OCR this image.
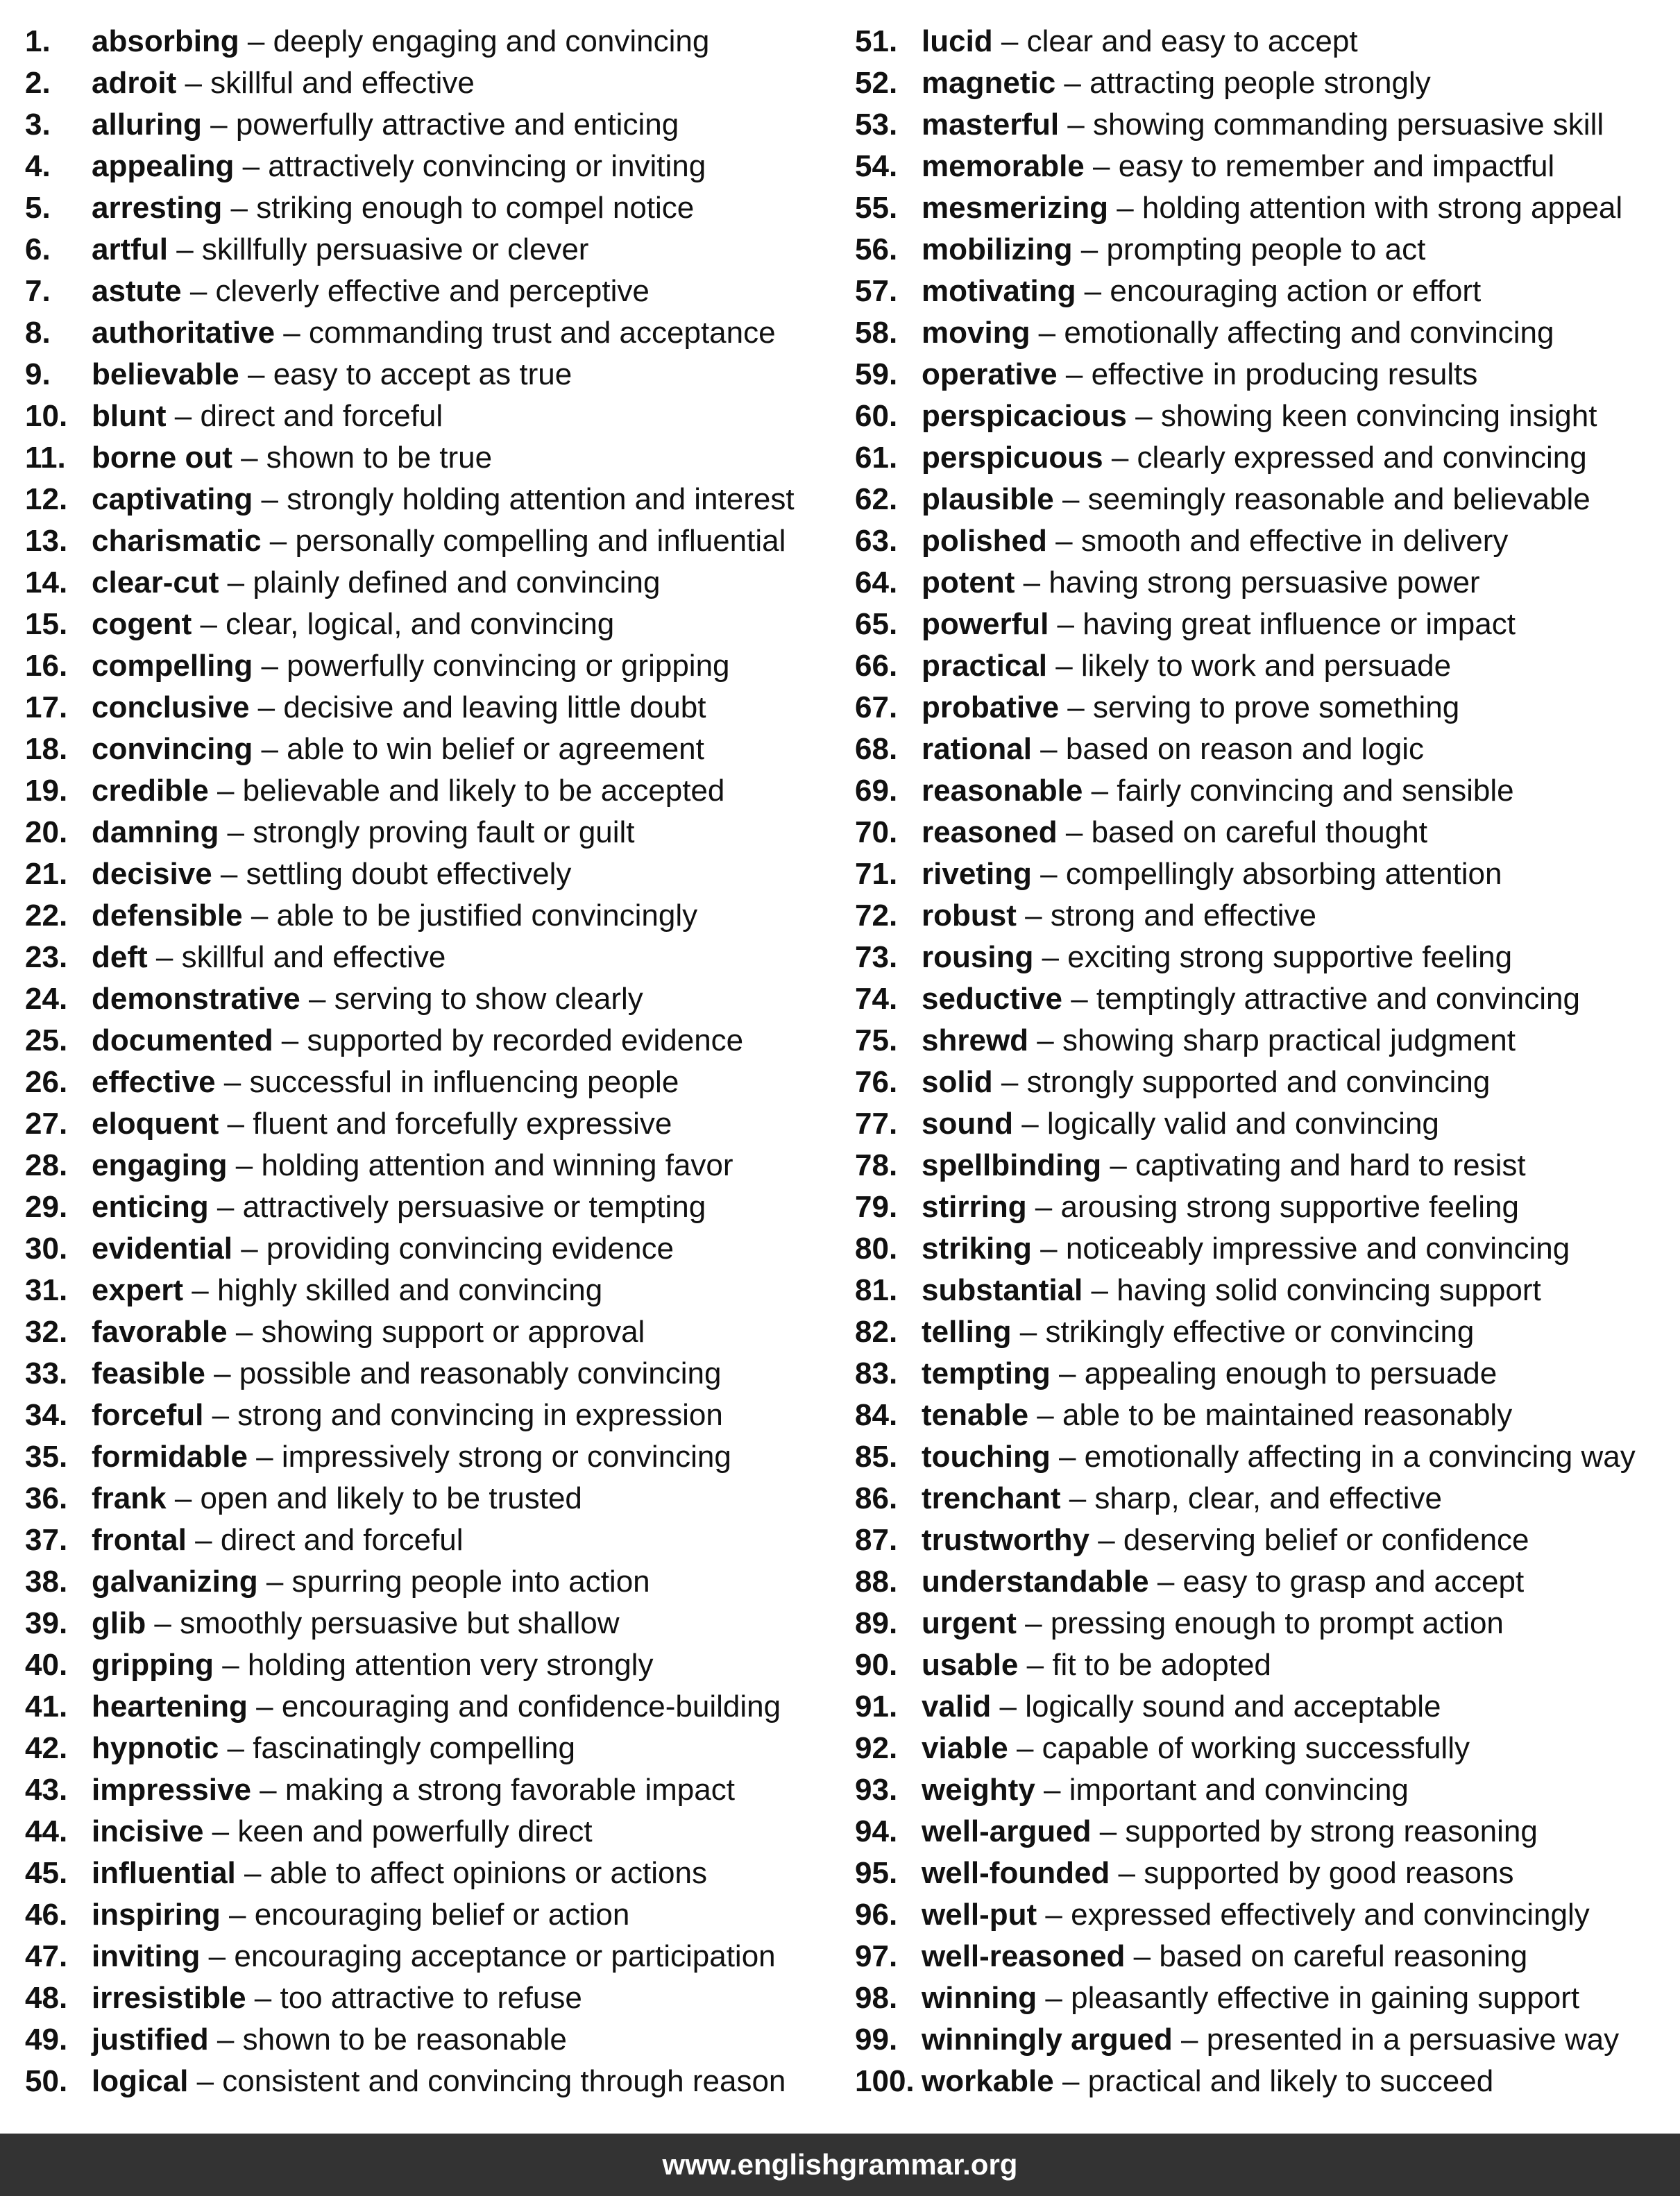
1. absorbing – deeply engaging and convincing
2. adroit – skillful and effective
3. alluring – powerfully attractive and enticing
4. appealing – attractively convincing or inviting
5. arresting – striking enough to compel notice
6. artful – skillfully persuasive or clever
7. astute – cleverly effective and perceptive
8. authoritative – commanding trust and acceptance
9. believable – easy to accept as true
10. blunt – direct and forceful
11. borne out – shown to be true
12. captivating – strongly holding attention and interest
13. charismatic – personally compelling and influential
14. clear-cut – plainly defined and convincing
15. cogent – clear, logical, and convincing
16. compelling – powerfully convincing or gripping
17. conclusive – decisive and leaving little doubt
18. convincing – able to win belief or agreement
19. credible – believable and likely to be accepted
20. damning – strongly proving fault or guilt
21. decisive – settling doubt effectively
22. defensible – able to be justified convincingly
23. deft – skillful and effective
24. demonstrative – serving to show clearly
25. documented – supported by recorded evidence
26. effective – successful in influencing people
27. eloquent – fluent and forcefully expressive
28. engaging – holding attention and winning favor
29. enticing – attractively persuasive or tempting
30. evidential – providing convincing evidence
31. expert – highly skilled and convincing
32. favorable – showing support or approval
33. feasible – possible and reasonably convincing
34. forceful – strong and convincing in expression
35. formidable – impressively strong or convincing
36. frank – open and likely to be trusted
37. frontal – direct and forceful
38. galvanizing – spurring people into action
39. glib – smoothly persuasive but shallow
40. gripping – holding attention very strongly
41. heartening – encouraging and confidence-building
42. hypnotic – fascinatingly compelling
43. impressive – making a strong favorable impact
44. incisive – keen and powerfully direct
45. influential – able to affect opinions or actions
46. inspiring – encouraging belief or action
47. inviting – encouraging acceptance or participation
48. irresistible – too attractive to refuse
49. justified – shown to be reasonable
50. logical – consistent and convincing through reason
51. lucid – clear and easy to accept
52. magnetic – attracting people strongly
53. masterful – showing commanding persuasive skill
54. memorable – easy to remember and impactful
55. mesmerizing – holding attention with strong appeal
56. mobilizing – prompting people to act
57. motivating – encouraging action or effort
58. moving – emotionally affecting and convincing
59. operative – effective in producing results
60. perspicacious – showing keen convincing insight
61. perspicuous – clearly expressed and convincing
62. plausible – seemingly reasonable and believable
63. polished – smooth and effective in delivery
64. potent – having strong persuasive power
65. powerful – having great influence or impact
66. practical – likely to work and persuade
67. probative – serving to prove something
68. rational – based on reason and logic
69. reasonable – fairly convincing and sensible
70. reasoned – based on careful thought
71. riveting – compellingly absorbing attention
72. robust – strong and effective
73. rousing – exciting strong supportive feeling
74. seductive – temptingly attractive and convincing
75. shrewd – showing sharp practical judgment
76. solid – strongly supported and convincing
77. sound – logically valid and convincing
78. spellbinding – captivating and hard to resist
79. stirring – arousing strong supportive feeling
80. striking – noticeably impressive and convincing
81. substantial – having solid convincing support
82. telling – strikingly effective or convincing
83. tempting – appealing enough to persuade
84. tenable – able to be maintained reasonably
85. touching – emotionally affecting in a convincing way
86. trenchant – sharp, clear, and effective
87. trustworthy – deserving belief or confidence
88. understandable – easy to grasp and accept
89. urgent – pressing enough to prompt action
90. usable – fit to be adopted
91. valid – logically sound and acceptable
92. viable – capable of working successfully
93. weighty – important and convincing
94. well-argued – supported by strong reasoning
95. well-founded – supported by good reasons
96. well-put – expressed effectively and convincingly
97. well-reasoned – based on careful reasoning
98. winning – pleasantly effective in gaining support
99. winningly argued – presented in a persuasive way
100. workable – practical and likely to succeed
www.englishgrammar.org
